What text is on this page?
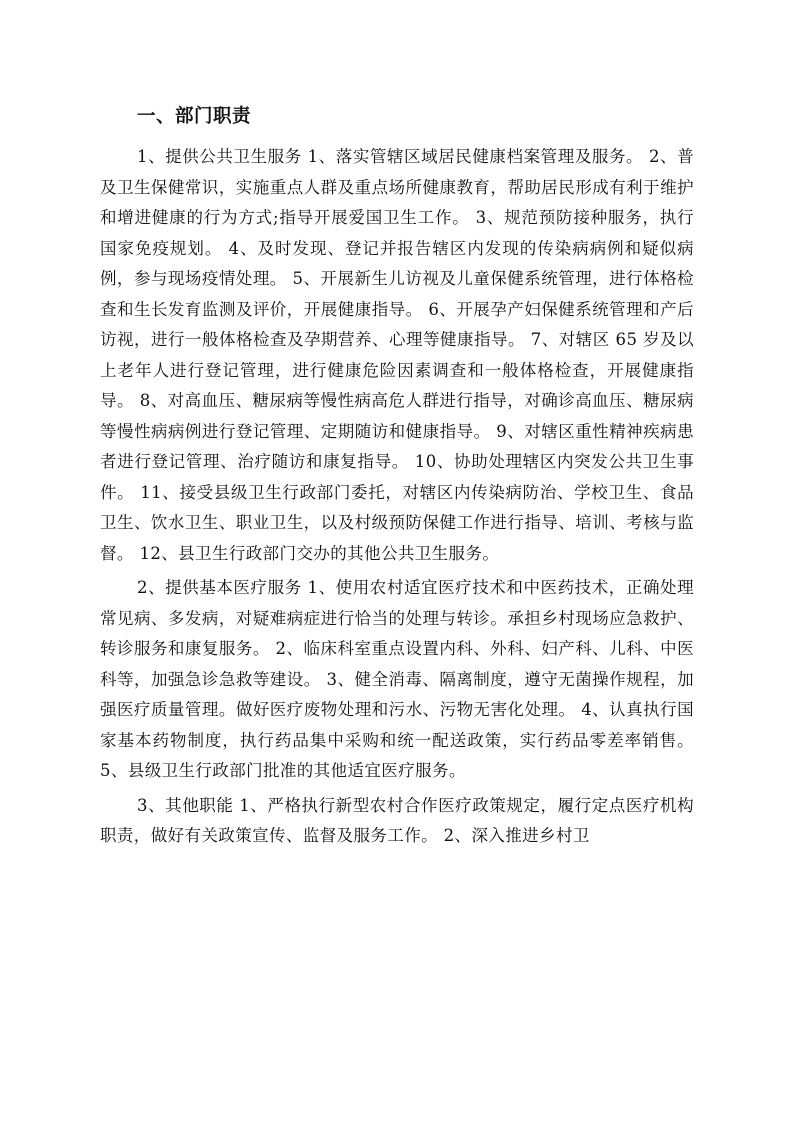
一、部门职责

1、提供公共卫生服务 1、落实管辖区域居民健康档案管理及服务。 2、普及卫生保健常识，实施重点人群及重点场所健康教育，帮助居民形成有利于维护和增进健康的行为方式;指导开展爱国卫生工作。 3、规范预防接种服务，执行国家免疫规划。 4、及时发现、登记并报告辖区内发现的传染病病例和疑似病例，参与现场疫情处理。 5、开展新生儿访视及儿童保健系统管理，进行体格检查和生长发育监测及评价，开展健康指导。 6、开展孕产妇保健系统管理和产后访视，进行一般体格检查及孕期营养、心理等健康指导。 7、对辖区 65 岁及以上老年人进行登记管理，进行健康危险因素调查和一般体格检查，开展健康指导。 8、对高血压、糖尿病等慢性病高危人群进行指导，对确诊高血压、糖尿病等慢性病病例进行登记管理、定期随访和健康指导。 9、对辖区重性精神疾病患者进行登记管理、治疗随访和康复指导。 10、协助处理辖区内突发公共卫生事件。 11、接受县级卫生行政部门委托，对辖区内传染病防治、学校卫生、食品卫生、饮水卫生、职业卫生，以及村级预防保健工作进行指导、培训、考核与监督。 12、县卫生行政部门交办的其他公共卫生服务。

2、提供基本医疗服务 1、使用农村适宜医疗技术和中医药技术，正确处理常见病、多发病，对疑难病症进行恰当的处理与转诊。承担乡村现场应急救护、转诊服务和康复服务。 2、临床科室重点设置内科、外科、妇产科、儿科、中医科等，加强急诊急救等建设。 3、健全消毒、隔离制度，遵守无菌操作规程，加强医疗质量管理。做好医疗废物处理和污水、污物无害化处理。 4、认真执行国家基本药物制度，执行药品集中采购和统一配送政策，实行药品零差率销售。 5、县级卫生行政部门批准的其他适宜医疗服务。

3、其他职能 1、严格执行新型农村合作医疗政策规定，履行定点医疗机构职责，做好有关政策宣传、监督及服务工作。 2、深入推进乡村卫
